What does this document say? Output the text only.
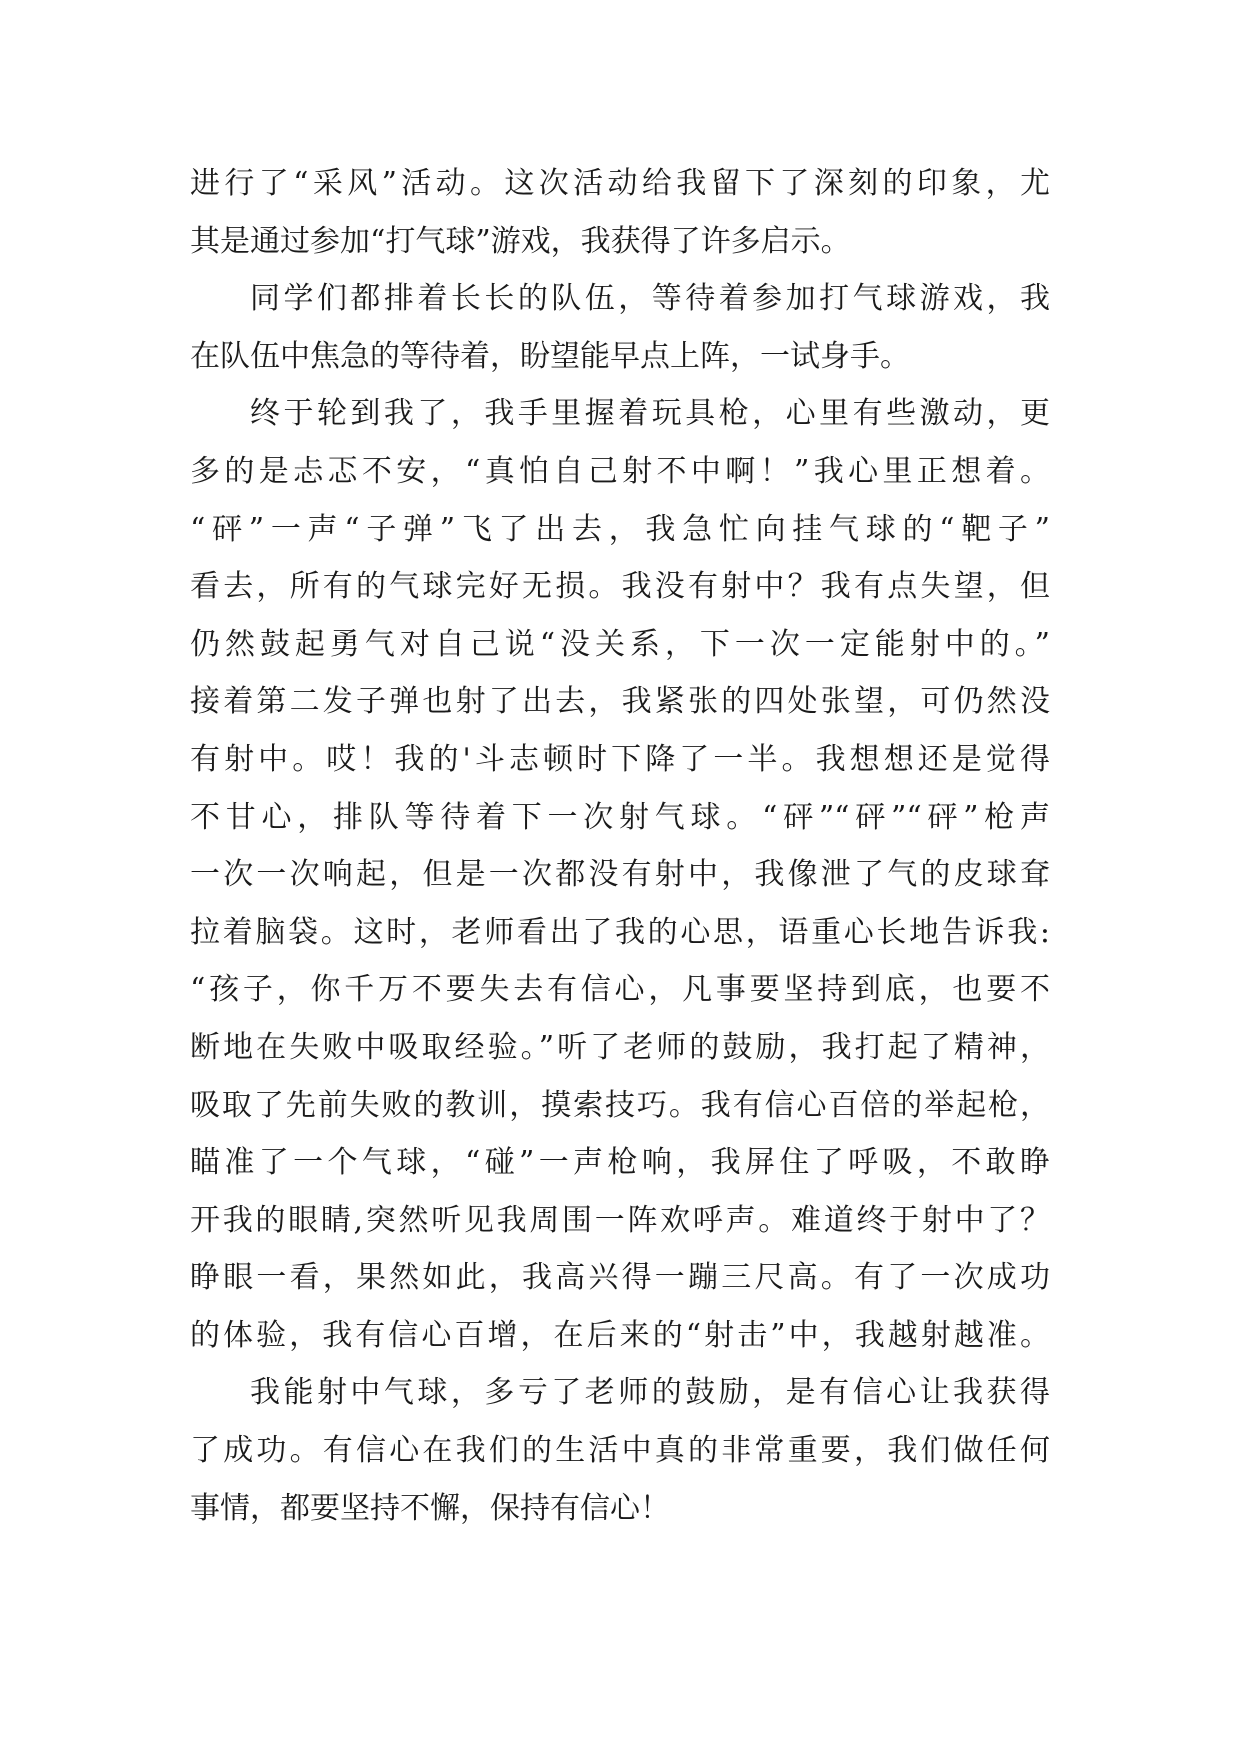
进行了“采风”活动。这次活动给我留下了深刻的印象，尤
其是通过参加“打气球”游戏，我获得了许多启示。
同学们都排着长长的队伍，等待着参加打气球游戏，我
在队伍中焦急的等待着，盼望能早点上阵，一试身手。
终于轮到我了，我手里握着玩具枪，心里有些激动，更
多的是忐忑不安，“真怕自己射不中啊！”我心里正想着。
“砰”一声“子弹”飞了出去，我急忙向挂气球的“靶子”
看去，所有的气球完好无损。我没有射中？我有点失望，但
仍然鼓起勇气对自己说“没关系，下一次一定能射中的。”
接着第二发子弹也射了出去，我紧张的四处张望，可仍然没
有射中。哎！我的'斗志顿时下降了一半。我想想还是觉得
不甘心，排队等待着下一次射气球。“砰”“砰”“砰”枪声
一次一次响起，但是一次都没有射中，我像泄了气的皮球耷
拉着脑袋。这时，老师看出了我的心思，语重心长地告诉我:
“孩子，你千万不要失去有信心，凡事要坚持到底，也要不
断地在失败中吸取经验。”听了老师的鼓励，我打起了精神，
吸取了先前失败的教训，摸索技巧。我有信心百倍的举起枪，
瞄准了一个气球，“碰”一声枪响，我屏住了呼吸，不敢睁
开我的眼睛,突然听见我周围一阵欢呼声。难道终于射中了？
睁眼一看，果然如此，我高兴得一蹦三尺高。有了一次成功
的体验，我有信心百增，在后来的“射击”中，我越射越准。
我能射中气球，多亏了老师的鼓励，是有信心让我获得
了成功。有信心在我们的生活中真的非常重要，我们做任何
事情，都要坚持不懈，保持有信心！
